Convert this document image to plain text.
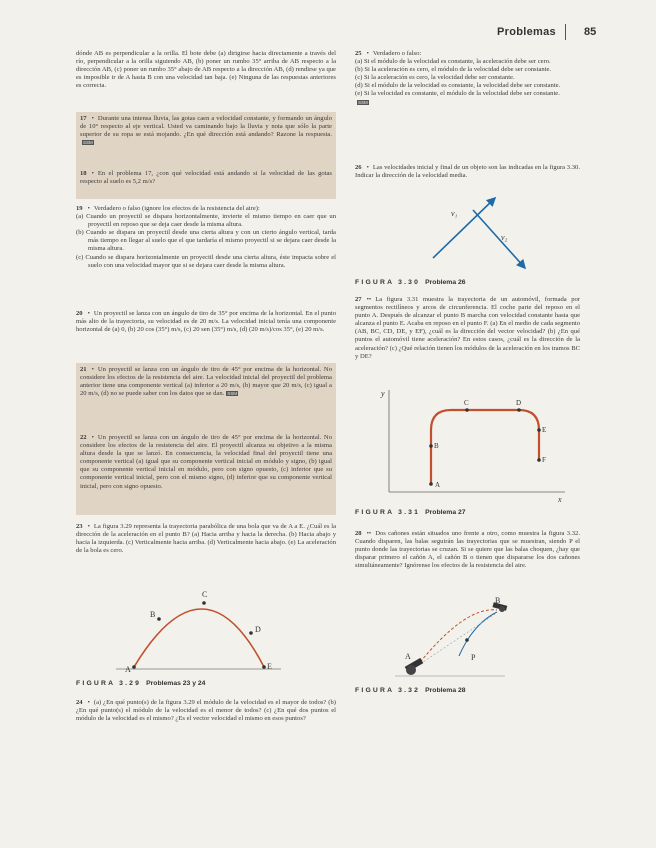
Problemas	85
dónde AB es perpendicular a la orilla. El bote debe (a) dirigirse hacia directamente a través del río, perpendicular a la orilla siguiendo AB, (b) poner un rumbo 35° arriba de AB respecto a la dirección AB, (c) poner un rumbo 35° abajo de AB respecto a la dirección AB, (d) rendirse ya que es imposible ir de A hasta B con una velocidad tan baja. (e) Ninguna de las respuestas anteriores es correcta.
17 • Durante una intensa lluvia, las gotas caen a velocidad constante, y formando un ángulo de 10° respecto al eje vertical. Usted va caminando bajo la lluvia y nota que sólo la parte superior de su ropa se está mojando. ¿En qué dirección está andando? Razone la respuesta.SSM
18 • En el problema 17, ¿con qué velocidad está andando si la velocidad de las gotas respecto al suelo es 5,2 m/s?
19 • Verdadero o falso (ignore los efectos de la resistencia del aire):
(a) Cuando un proyectil se dispara horizontalmente, invierte el mismo tiempo en caer que un proyectil en reposo que se deja caer desde la misma altura.
(b) Cuando se dispara un proyectil desde una cierta altura y con un cierto ángulo vertical, tarda más tiempo en llegar al suelo que el que tardaría el mismo proyectil si se dejara caer desde la misma altura.
(c) Cuando se dispara horizontalmente un proyectil desde una cierta altura, éste impacta sobre el suelo con una velocidad mayor que si se dejara caer desde la misma altura.
20 • Un proyectil se lanza con un ángulo de tiro de 35° por encima de la horizontal. En el punto más alto de la trayectoria, su velocidad es de 20 m/s. La velocidad inicial tenía una componente horizontal de (a) 0, (b) 20 cos (35°) m/s, (c) 20 sen (35°) m/s, (d) (20 m/s)/cos 35°, (e) 20 m/s.
21 • Un proyectil se lanza con un ángulo de tiro de 45° por encima de la horizontal. No considere los efectos de la resistencia del aire. La velocidad inicial del proyectil del problema anterior tiene una componente vertical (a) inferior a 20 m/s, (b) mayor que 20 m/s, (c) igual a 20 m/s, (d) no se puede saber con los datos que se dan. SSM
22 • Un proyectil se lanza con un ángulo de tiro de 45° por encima de la horizontal. No considere los efectos de la resistencia del aire. El proyectil alcanza su objetivo a la misma altura desde la que se lanzó. En consecuencia, la velocidad final del proyectil tiene una componente vertical (a) igual que su componente vertical inicial en módulo y signo, (b) igual que su componente vertical inicial en módulo, pero con signo opuesto, (c) inferior que su componente vertical inicial, pero con el mismo signo, (d) inferior que su componente vertical inicial, pero con signo opuesto.
23 • La figura 3.29 representa la trayectoria parabólica de una bola que va de A a E. ¿Cuál es la dirección de la aceleración en el punto B? (a) Hacia arriba y hacia la derecha. (b) Hacia abajo y hacia la izquierda. (c) Verticalmente hacia arriba. (d) Verticalmente hacia abajo. (e) La aceleración de la bola es cero.
A
B
C
D
E
FIGURA 3.29 Problemas 23 y 24
24 • (a) ¿En qué punto(s) de la figura 3.29 el módulo de la velocidad es el mayor de todos? (b) ¿En qué punto(s) el módulo de la velocidad es el menor de todos? (c) ¿En qué dos puntos el módulo de la velocidad es el mismo? ¿Es el vector velocidad el mismo en esos puntos?
25 • Verdadero o falso:
(a) Si el módulo de la velocidad es constante, la aceleración debe ser cero.
(b) Si la aceleración es cero, el módulo de la velocidad debe ser constante.
(c) Si la aceleración es cero, la velocidad debe ser constante.
(d) Si el módulo de la velocidad es constante, la velocidad debe ser constante.
(e) Si la velocidad es constante, el módulo de la velocidad debe ser constante.
SSM
26 • Las velocidades inicial y final de un objeto son las indicadas en la figura 3.30. Indicar la dirección de la velocidad media.
v₁
v₂
FIGURA 3.30 Problema 26
27 •• La figura 3.31 muestra la trayectoria de un automóvil, formada por segmentos rectilíneos y arcos de circunferencia. El coche parte del reposo en el punto A. Después de alcanzar el punto B marcha con velocidad constante hasta que alcanza el punto E. Acaba en reposo en el punto F. (a) En el medio de cada segmento (AB, BC, CD, DE, y EF), ¿cuál es la dirección del vector velocidad? (b) ¿En qué puntos el automóvil tiene aceleración? En estos casos, ¿cuál es la dirección de la aceleración? (c) ¿Qué relación tienen los módulos de la aceleración en los tramos BC y DE?
y
x
A
B
C	D
E
F
FIGURA 3.31 Problema 27
28 •• Dos cañones están situados uno frente a otro, como muestra la figura 3.32. Cuando disparen, las balas seguirán las trayectorias que se muestran, siendo P el punto donde las trayectorias se cruzan. Si se quiere que las balas choquen, ¿hay que disparar primero el cañón A, el cañón B o tienen que dispararse los dos cañones simultáneamente? Ignórense los efectos de la resistencia del aire.
A
B
P
FIGURA 3.32 Problema 28
